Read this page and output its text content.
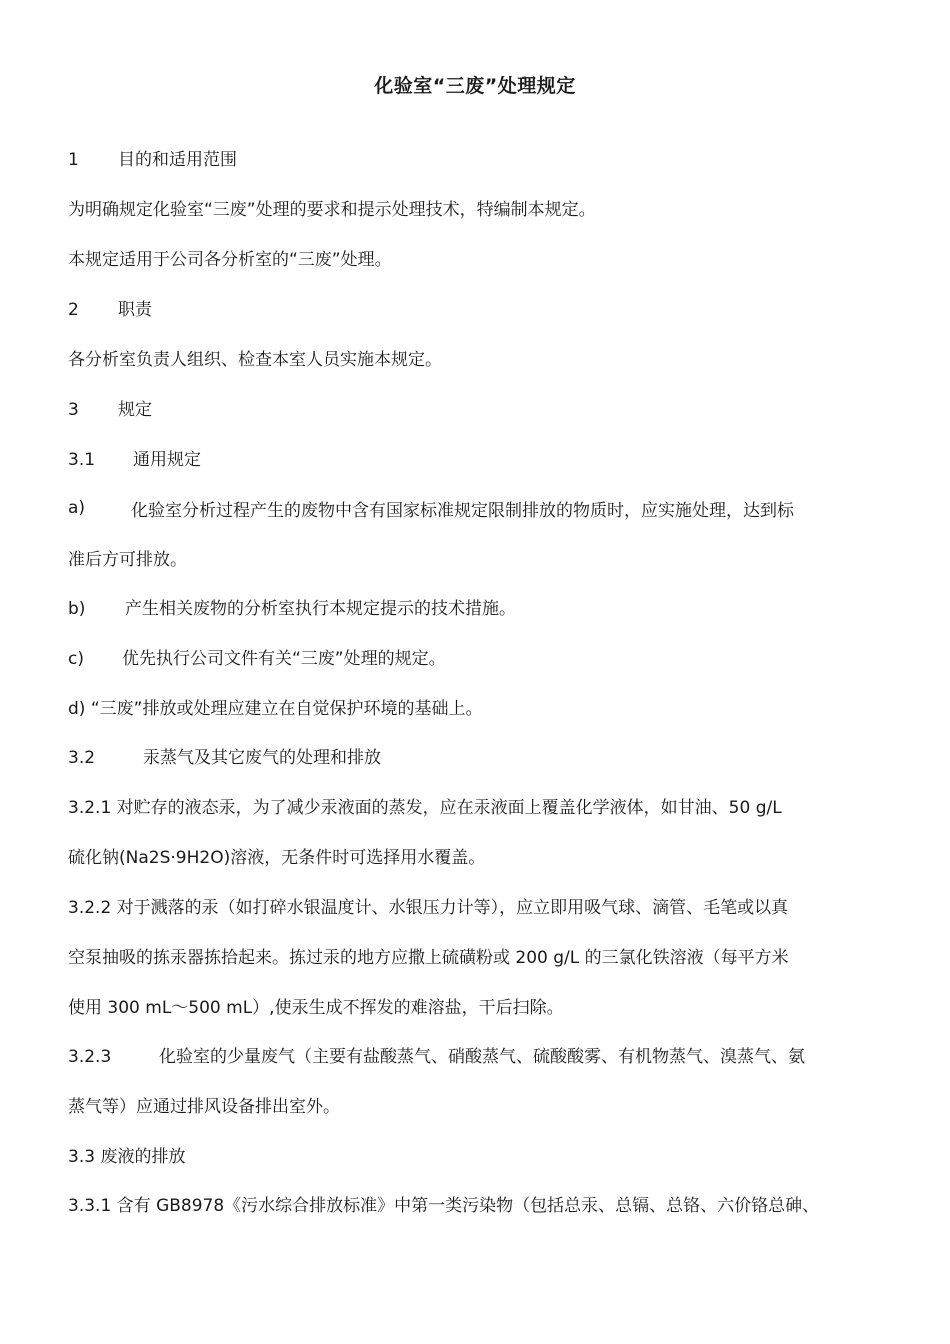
化验室“三废”处理规定
1 目的和适用范围
为明确规定化验室“三废”处理的要求和提示处理技术，特编制本规定。
本规定适用于公司各分析室的“三废”处理。
2 职责
各分析室负责人组织、检查本室人员实施本规定。
3 规定
3.1 通用规定
a)	化验室分析过程产生的废物中含有国家标准规定限制排放的物质时，应实施处理，达到标
准后方可排放。
b) 产生相关废物的分析室执行本规定提示的技术措施。
c) 优先执行公司文件有关“三废”处理的规定。
d) “三废”排放或处理应建立在自觉保护环境的基础上。
3.2	汞蒸气及其它废气的处理和排放
3.2.1 对贮存的液态汞，为了减少汞液面的蒸发，应在汞液面上覆盖化学液体，如甘油、50 g/L
硫化钠(Na2S·9H2O)溶液，无条件时可选择用水覆盖。
3.2.2 对于溅落的汞（如打碎水银温度计、水银压力计等），应立即用吸气球、滴管、毛笔或以真
空泵抽吸的拣汞器拣拾起来。拣过汞的地方应撒上硫磺粉或 200 g/L 的三氯化铁溶液（每平方米
使用 300 mL～500 mL）,使汞生成不挥发的难溶盐，干后扫除。
3.2.3	化验室的少量废气（主要有盐酸蒸气、硝酸蒸气、硫酸酸雾、有机物蒸气、溴蒸气、氨
蒸气等）应通过排风设备排出室外。
3.3 废液的排放
3.3.1 含有 GB8978《污水综合排放标准》中第一类污染物（包括总汞、总镉、总铬、六价铬总砷、
